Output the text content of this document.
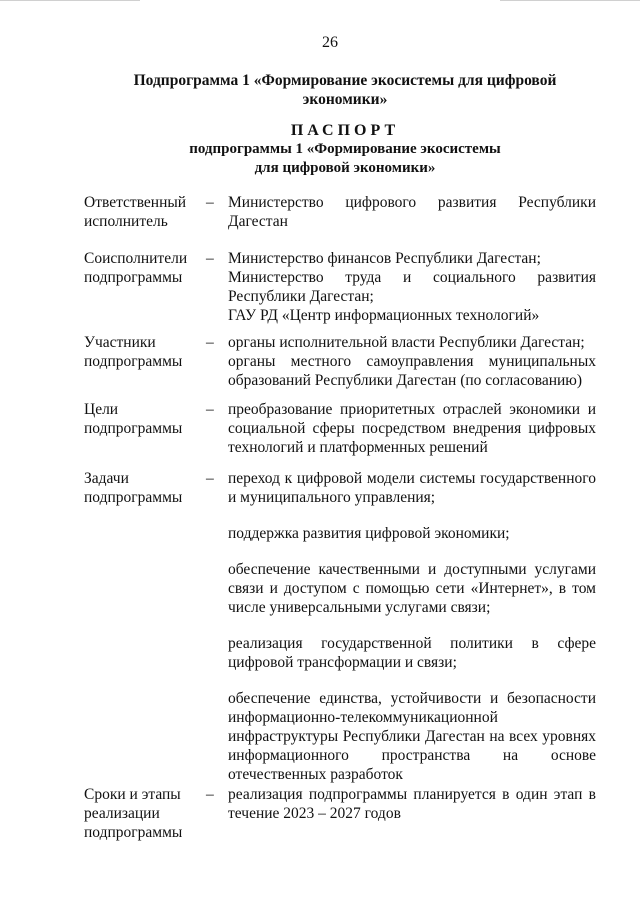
26
Подпрограмма 1 «Формирование экосистемы для цифровой
экономики»
ПАСПОРТ
подпрограммы 1 «Формирование экосистемы
для цифровой экономики»
Ответственный
исполнитель
– Министерство цифрового развития Республики Дагестан

Соисполнители
подпрограммы
– Министерство финансов Республики Дагестан;

Министерство труда и социального развития Республики Дагестан;

ГАУ РД «Центр информационных технологий»

Участники
подпрограммы
– органы исполнительной власти Республики Дагестан;

органы местного самоуправления муниципальных образований Республики Дагестан (по согласованию)

Цели
подпрограммы
– преобразование приоритетных отраслей экономики и социальной сферы посредством внедрения цифровых технологий и платформенных решений

Задачи
подпрограммы
– переход к цифровой модели системы государственного и муниципального управления;

поддержка развития цифровой экономики;

обеспечение качественными и доступными услугами связи и доступом с помощью сети «Интернет», в том числе универсальными услугами связи;

реализация государственной политики в сфере цифровой трансформации и связи;

обеспечение единства, устойчивости и безопасности информационно-телекоммуникационной инфраструктуры Республики Дагестан на всех уровнях информационного пространства на основе отечественных разработок

Сроки и этапы
реализации
подпрограммы
– реализация подпрограммы планируется в один этап в течение 2023 – 2027 годов
